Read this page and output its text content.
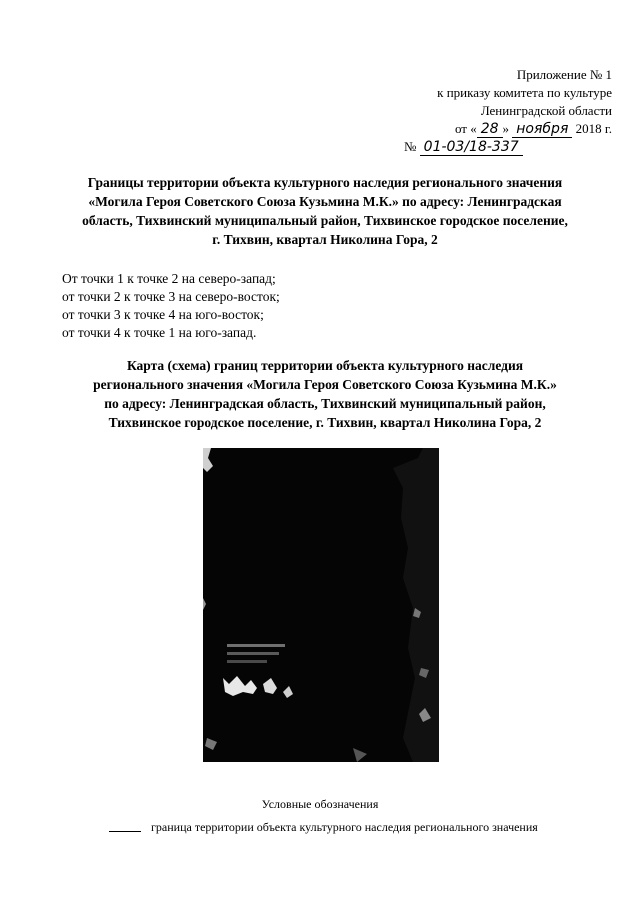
Приложение № 1
к приказу комитета по культуре
Ленинградской области
от « 28 » ноября 2018 г.
№ 01-03/18-337
Границы территории объекта культурного наследия регионального значения
«Могила Героя Советского Союза Кузьмина М.К.» по адресу: Ленинградская
область, Тихвинский муниципальный район, Тихвинское городское поселение,
г. Тихвин, квартал Николина Гора, 2
От точки 1 к точке 2 на северо-запад;
от точки 2 к точке 3 на северо-восток;
от точки 3 к точке 4 на юго-восток;
от точки 4 к точке 1 на юго-запад.
Карта (схема) границ территории объекта культурного наследия
регионального значения «Могила Героя Советского Союза Кузьмина М.К.»
по адресу: Ленинградская область, Тихвинский муниципальный район,
Тихвинское городское поселение, г. Тихвин, квартал Николина Гора, 2
Условные обозначения
граница территории объекта культурного наследия регионального значения
